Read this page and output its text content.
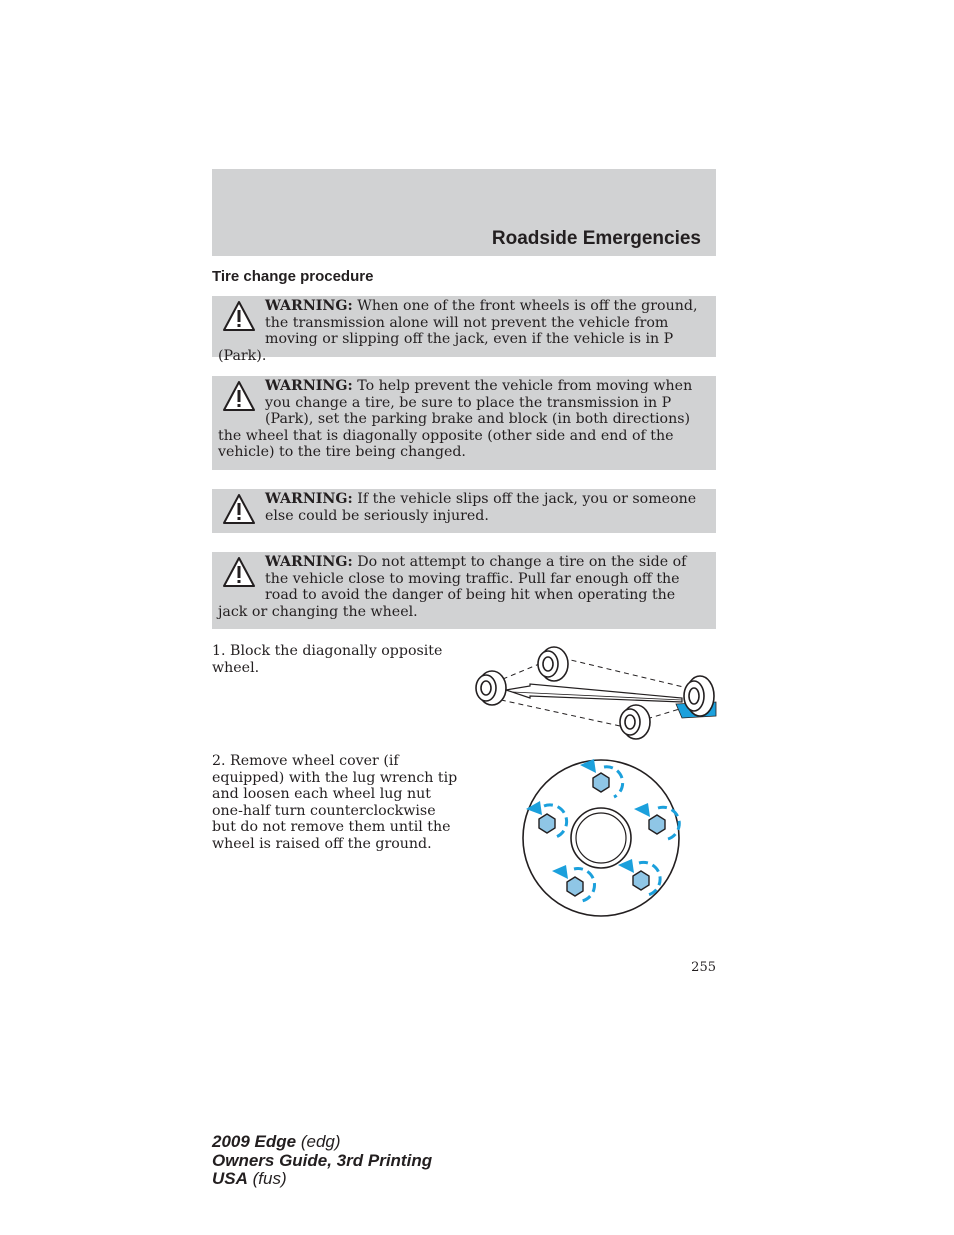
Roadside Emergencies
Tire change procedure
WARNING: When one of the front wheels is off the ground, the transmission alone will not prevent the vehicle from moving or slipping off the jack, even if the vehicle is in P (Park).
WARNING: To help prevent the vehicle from moving when you change a tire, be sure to place the transmission in P (Park), set the parking brake and block (in both directions) the wheel that is diagonally opposite (other side and end of the vehicle) to the tire being changed.
WARNING: If the vehicle slips off the jack, you or someone else could be seriously injured.
WARNING: Do not attempt to change a tire on the side of the vehicle close to moving traffic. Pull far enough off the road to avoid the danger of being hit when operating the jack or changing the wheel.
1. Block the diagonally opposite wheel.
2. Remove wheel cover (if equipped) with the lug wrench tip and loosen each wheel lug nut one-half turn counterclockwise but do not remove them until the wheel is raised off the ground.
255
2009 Edge (edg)
Owners Guide, 3rd Printing
USA (fus)
